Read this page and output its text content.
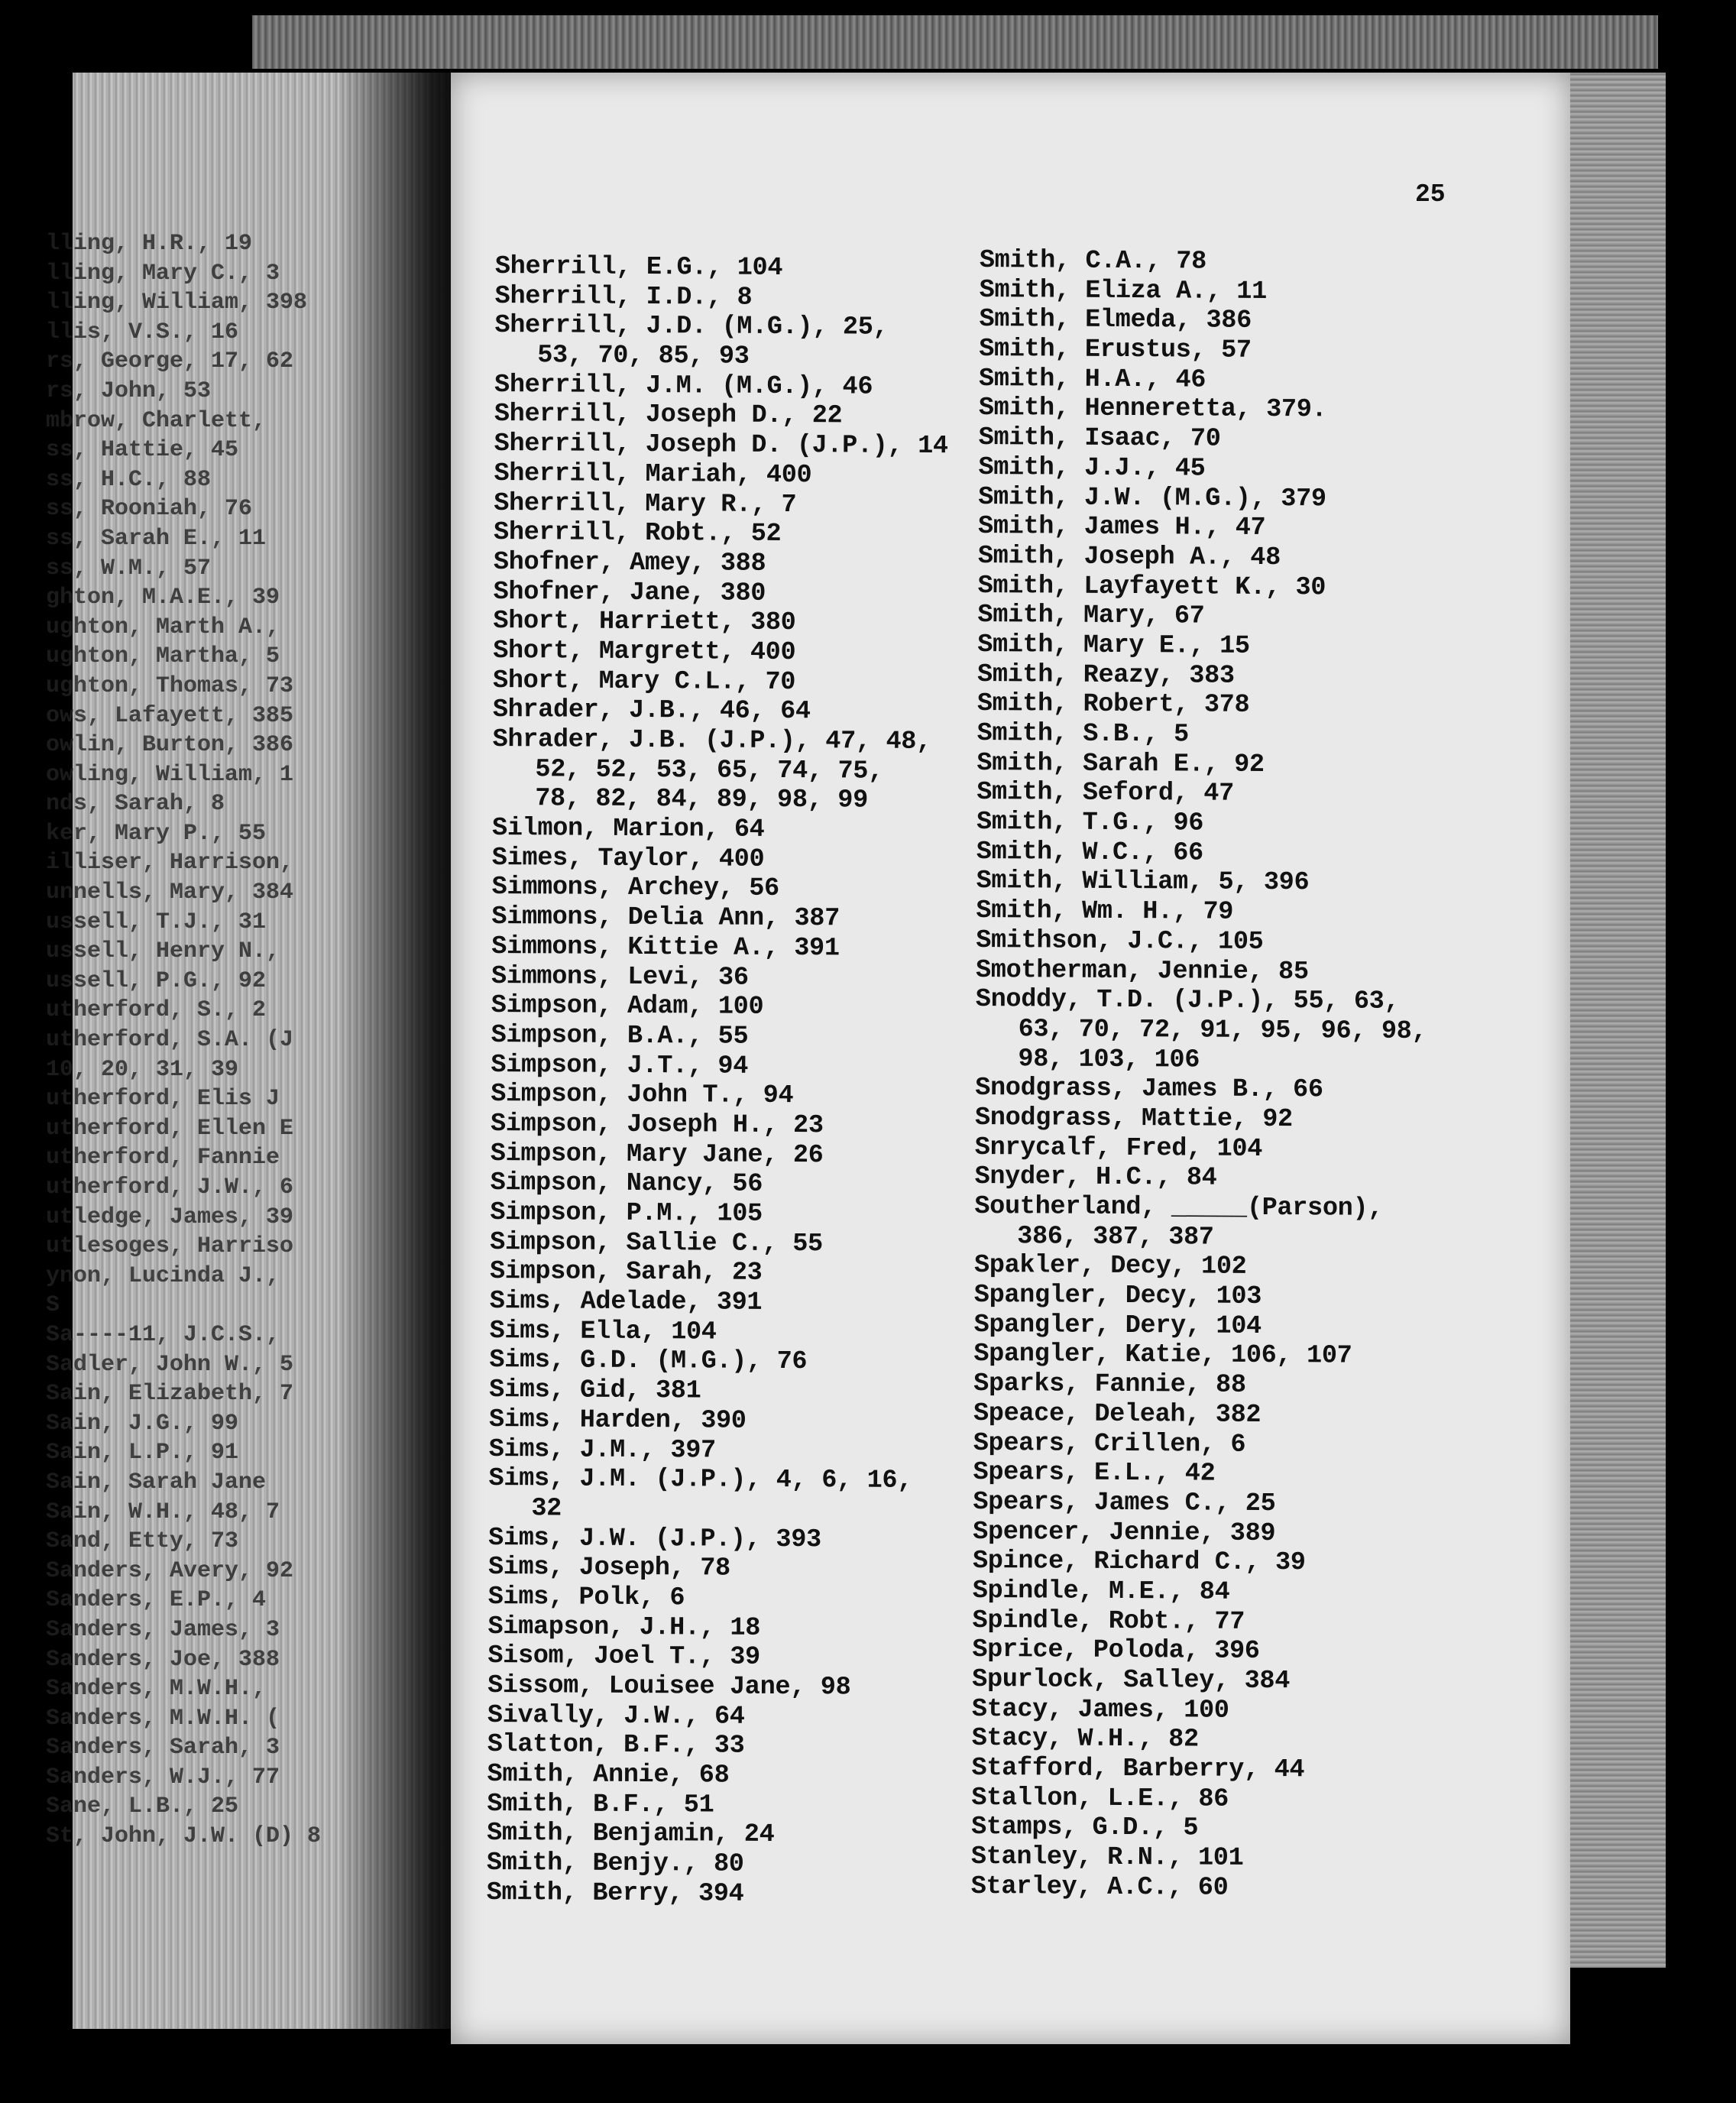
lling, H.R., 19
lling, Mary C., 3
lling, William, 398
llis, V.S., 16
rs, George, 17, 62
rs, John, 53
mbrow, Charlett,
ss, Hattie, 45
ss, H.C., 88
ss, Rooniah, 76
ss, Sarah E., 11
ss, W.M., 57
ghton, M.A.E., 39
ughton, Marth A.,
ughton, Martha, 5
ughton, Thomas, 73
ows, Lafayett, 385
owlin, Burton, 386
owling, William, 1
nds, Sarah, 8
ker, Mary P., 55
illiser, Harrison,
unnells, Mary, 384
ussell, T.J., 31
ussell, Henry N.,
ussell, P.G., 92
utherford, S., 2
utherford, S.A. (J
10, 20, 31, 39
utherford, Elis J
utherford, Ellen E
utherford, Fannie
utherford, J.W., 6
utledge, James, 39
utlesoges, Harriso
ynon, Lucinda J.,
S
Sa----11, J.C.S.,
Sadler, John W., 5
Sain, Elizabeth, 7
Sain, J.G., 99
Sain, L.P., 91
Sain, Sarah Jane
Sain, W.H., 48, 7
Sand, Etty, 73
Sanders, Avery, 92
Sanders, E.P., 4
Sanders, James, 3
Sanders, Joe, 388
Sanders, M.W.H.,
Sanders, M.W.H. (
Sanders, Sarah, 3
Sanders, W.J., 77
Sane, L.B., 25
St, John, J.W. (D) 8
25
Sherrill, E.G., 104
Sherrill, I.D., 8
Sherrill, J.D. (M.G.), 25,
53, 70, 85, 93
Sherrill, J.M. (M.G.), 46
Sherrill, Joseph D., 22
Sherrill, Joseph D. (J.P.), 14
Sherrill, Mariah, 400
Sherrill, Mary R., 7
Sherrill, Robt., 52
Shofner, Amey, 388
Shofner, Jane, 380
Short, Harriett, 380
Short, Margrett, 400
Short, Mary C.L., 70
Shrader, J.B., 46, 64
Shrader, J.B. (J.P.), 47, 48,
52, 52, 53, 65, 74, 75,
78, 82, 84, 89, 98, 99
Silmon, Marion, 64
Simes, Taylor, 400
Simmons, Archey, 56
Simmons, Delia Ann, 387
Simmons, Kittie A., 391
Simmons, Levi, 36
Simpson, Adam, 100
Simpson, B.A., 55
Simpson, J.T., 94
Simpson, John T., 94
Simpson, Joseph H., 23
Simpson, Mary Jane, 26
Simpson, Nancy, 56
Simpson, P.M., 105
Simpson, Sallie C., 55
Simpson, Sarah, 23
Sims, Adelade, 391
Sims, Ella, 104
Sims, G.D. (M.G.), 76
Sims, Gid, 381
Sims, Harden, 390
Sims, J.M., 397
Sims, J.M. (J.P.), 4, 6, 16,
32
Sims, J.W. (J.P.), 393
Sims, Joseph, 78
Sims, Polk, 6
Simapson, J.H., 18
Sisom, Joel T., 39
Sissom, Louisee Jane, 98
Sivally, J.W., 64
Slatton, B.F., 33
Smith, Annie, 68
Smith, B.F., 51
Smith, Benjamin, 24
Smith, Benjy., 80
Smith, Berry, 394
Smith, C.A., 78
Smith, Eliza A., 11
Smith, Elmeda, 386
Smith, Erustus, 57
Smith, H.A., 46
Smith, Henneretta, 379.
Smith, Isaac, 70
Smith, J.J., 45
Smith, J.W. (M.G.), 379
Smith, James H., 47
Smith, Joseph A., 48
Smith, Layfayett K., 30
Smith, Mary, 67
Smith, Mary E., 15
Smith, Reazy, 383
Smith, Robert, 378
Smith, S.B., 5
Smith, Sarah E., 92
Smith, Seford, 47
Smith, T.G., 96
Smith, W.C., 66
Smith, William, 5, 396
Smith, Wm. H., 79
Smithson, J.C., 105
Smotherman, Jennie, 85
Snoddy, T.D. (J.P.), 55, 63,
63, 70, 72, 91, 95, 96, 98,
98, 103, 106
Snodgrass, James B., 66
Snodgrass, Mattie, 92
Snrycalf, Fred, 104
Snyder, H.C., 84
Southerland, _____(Parson),
386, 387, 387
Spakler, Decy, 102
Spangler, Decy, 103
Spangler, Dery, 104
Spangler, Katie, 106, 107
Sparks, Fannie, 88
Speace, Deleah, 382
Spears, Crillen, 6
Spears, E.L., 42
Spears, James C., 25
Spencer, Jennie, 389
Spince, Richard C., 39
Spindle, M.E., 84
Spindle, Robt., 77
Sprice, Poloda, 396
Spurlock, Salley, 384
Stacy, James, 100
Stacy, W.H., 82
Stafford, Barberry, 44
Stallon, L.E., 86
Stamps, G.D., 5
Stanley, R.N., 101
Starley, A.C., 60
